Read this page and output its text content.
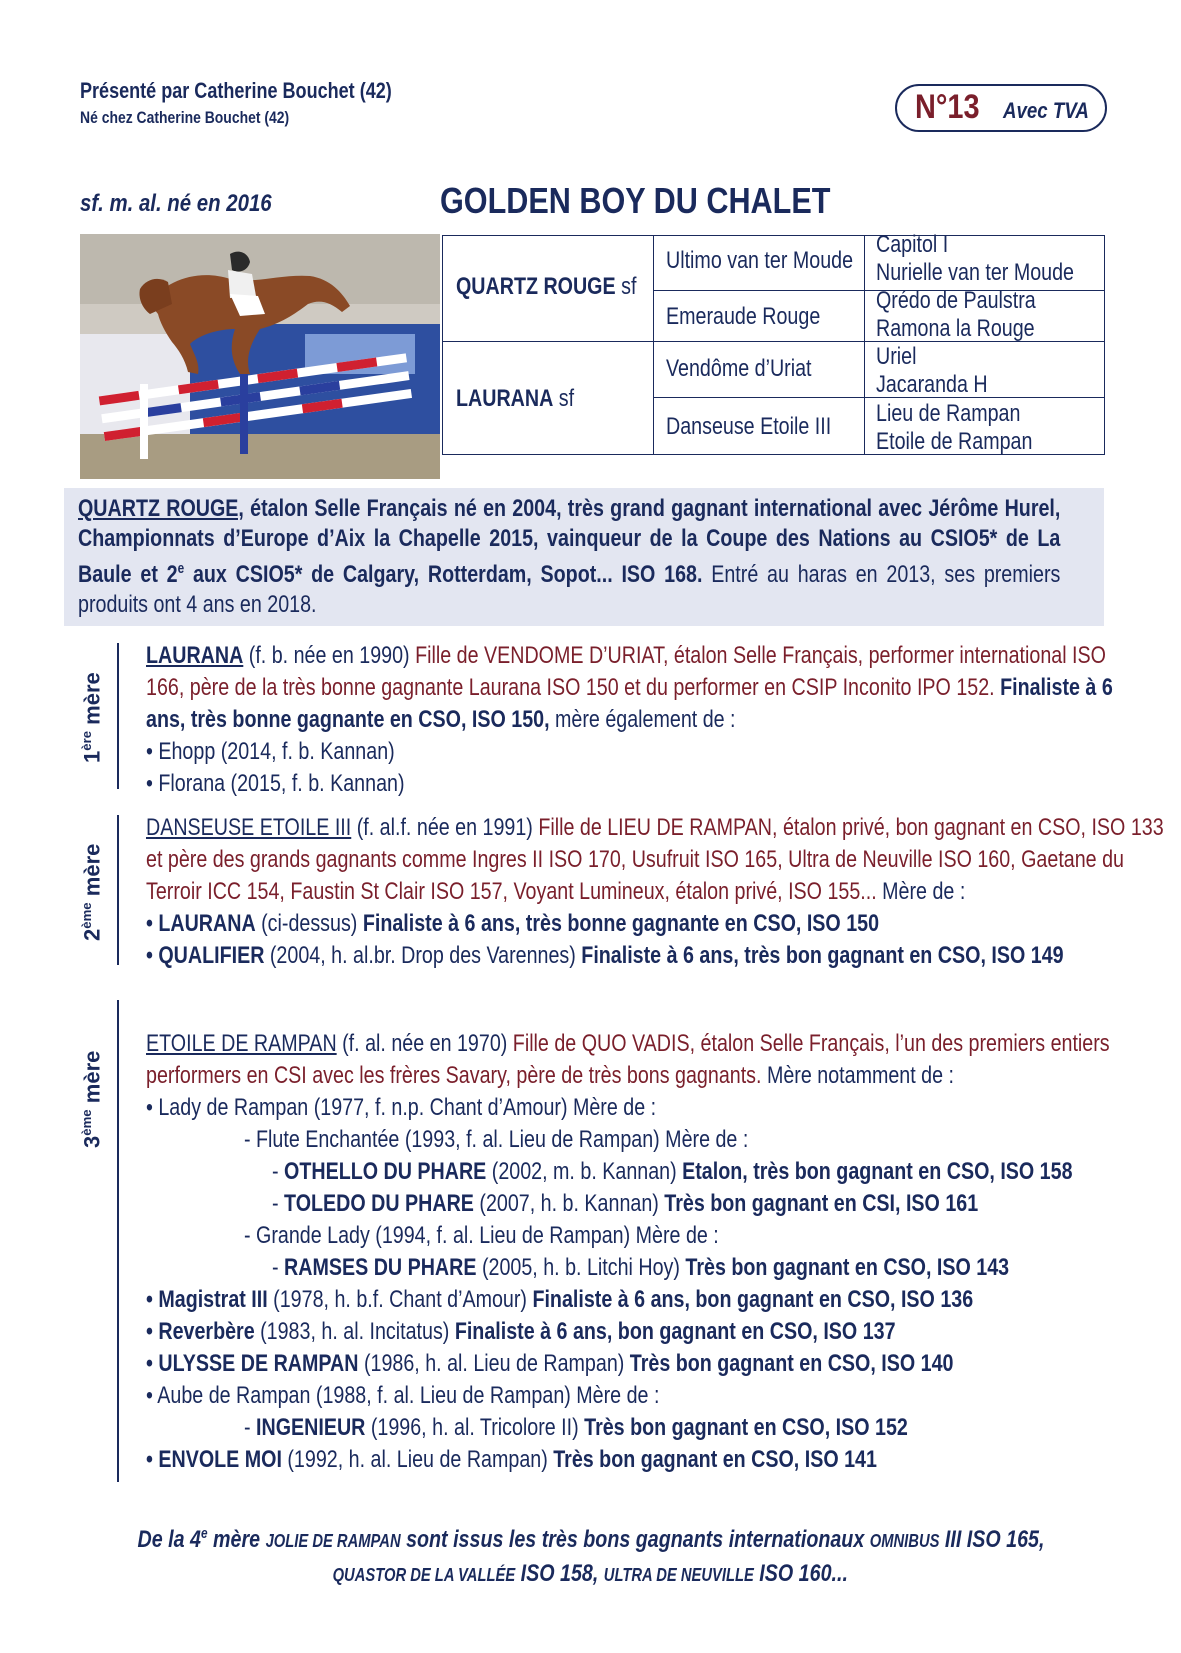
Présenté par Catherine Bouchet (42)
Né chez Catherine Bouchet (42)	N°13 Avec TVA
sf. m. al. né en 2016	GOLDEN BOY DU CHALET
QUARTZ ROUGE sf
LAURANA sf
Ultimo van ter Moude
Emeraude Rouge
Vendôme d’Uriat
Danseuse Etoile III
Capitol I
Nurielle van ter Moude
Qrédo de Paulstra
Ramona la Rouge
Uriel
Jacaranda H
Lieu de Rampan
Etoile de Rampan
QUARTZ ROUGE, étalon Selle Français né en 2004, très grand gagnant international avec Jérôme Hurel, Championnats d’Europe d’Aix la Chapelle 2015, vainqueur de la Coupe des Nations au CSIO5* de La Baule et 2e aux CSIO5* de Calgary, Rotterdam, Sopot... ISO 168. Entré au haras en 2013, ses premiers produits ont 4 ans en 2018.
1ère mère
LAURANA (f. b. née en 1990) Fille de VENDOME D’URIAT, étalon Selle Français, performer international ISO
166, père de la très bonne gagnante Laurana ISO 150 et du performer en CSIP Inconito IPO 152. Finaliste à 6
ans, très bonne gagnante en CSO, ISO 150, mère également de :
• Ehopp (2014, f. b. Kannan)
• Florana (2015, f. b. Kannan)
2ème mère
DANSEUSE ETOILE III (f. al.f. née en 1991) Fille de LIEU DE RAMPAN, étalon privé, bon gagnant en CSO, ISO 133
et père des grands gagnants comme Ingres II ISO 170, Usufruit ISO 165, Ultra de Neuville ISO 160, Gaetane du
Terroir ICC 154, Faustin St Clair ISO 157, Voyant Lumineux, étalon privé, ISO 155... Mère de :
• LAURANA (ci-dessus) Finaliste à 6 ans, très bonne gagnante en CSO, ISO 150
• QUALIFIER (2004, h. al.br. Drop des Varennes) Finaliste à 6 ans, très bon gagnant en CSO, ISO 149
3ème mère
ETOILE DE RAMPAN (f. al. née en 1970) Fille de QUO VADIS, étalon Selle Français, l’un des premiers entiers
performers en CSI avec les frères Savary, père de très bons gagnants. Mère notamment de :
• Lady de Rampan (1977, f. n.p. Chant d’Amour) Mère de :
- Flute Enchantée (1993, f. al. Lieu de Rampan) Mère de :
- OTHELLO DU PHARE (2002, m. b. Kannan) Etalon, très bon gagnant en CSO, ISO 158
- TOLEDO DU PHARE (2007, h. b. Kannan) Très bon gagnant en CSI, ISO 161
- Grande Lady (1994, f. al. Lieu de Rampan) Mère de :
- RAMSES DU PHARE (2005, h. b. Litchi Hoy) Très bon gagnant en CSO, ISO 143
• Magistrat III (1978, h. b.f. Chant d’Amour) Finaliste à 6 ans, bon gagnant en CSO, ISO 136
• Reverbère (1983, h. al. Incitatus) Finaliste à 6 ans, bon gagnant en CSO, ISO 137
• ULYSSE DE RAMPAN (1986, h. al. Lieu de Rampan) Très bon gagnant en CSO, ISO 140
• Aube de Rampan (1988, f. al. Lieu de Rampan) Mère de :
- INGENIEUR (1996, h. al. Tricolore II) Très bon gagnant en CSO, ISO 152
• ENVOLE MOI (1992, h. al. Lieu de Rampan) Très bon gagnant en CSO, ISO 141
De la 4e mère JOLIE DE RAMPAN sont issus les très bons gagnants internationaux OMNIBUS III ISO 165,
QUASTOR DE LA VALLÉE ISO 158, ULTRA DE NEUVILLE ISO 160...
